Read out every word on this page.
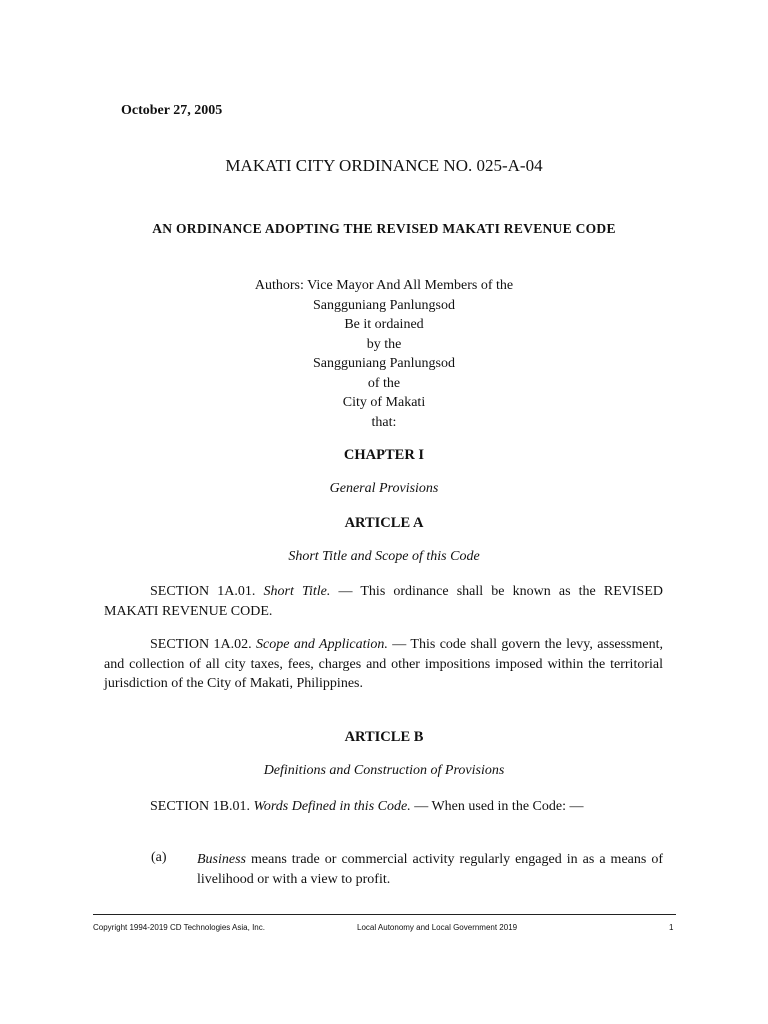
October 27, 2005

MAKATI CITY ORDINANCE NO. 025-A-04

AN ORDINANCE ADOPTING THE REVISED MAKATI REVENUE CODE

Authors: Vice Mayor And All Members of the
Sangguniang Panlungsod
Be it ordained
by the
Sangguniang Panlungsod
of the
City of Makati
that:

CHAPTER I

General Provisions

ARTICLE A

Short Title and Scope of this Code

SECTION 1A.01. Short Title. — This ordinance shall be known as the REVISED MAKATI REVENUE CODE.

SECTION 1A.02. Scope and Application. — This code shall govern the levy, assessment, and collection of all city taxes, fees, charges and other impositions imposed within the territorial jurisdiction of the City of Makati, Philippines.

ARTICLE B

Definitions and Construction of Provisions

SECTION 1B.01. Words Defined in this Code. — When used in the Code: —

(a) Business means trade or commercial activity regularly engaged in as a means of livelihood or with a view to profit.

Copyright 1994-2019 CD Technologies Asia, Inc.	Local Autonomy and Local Government 2019	1
